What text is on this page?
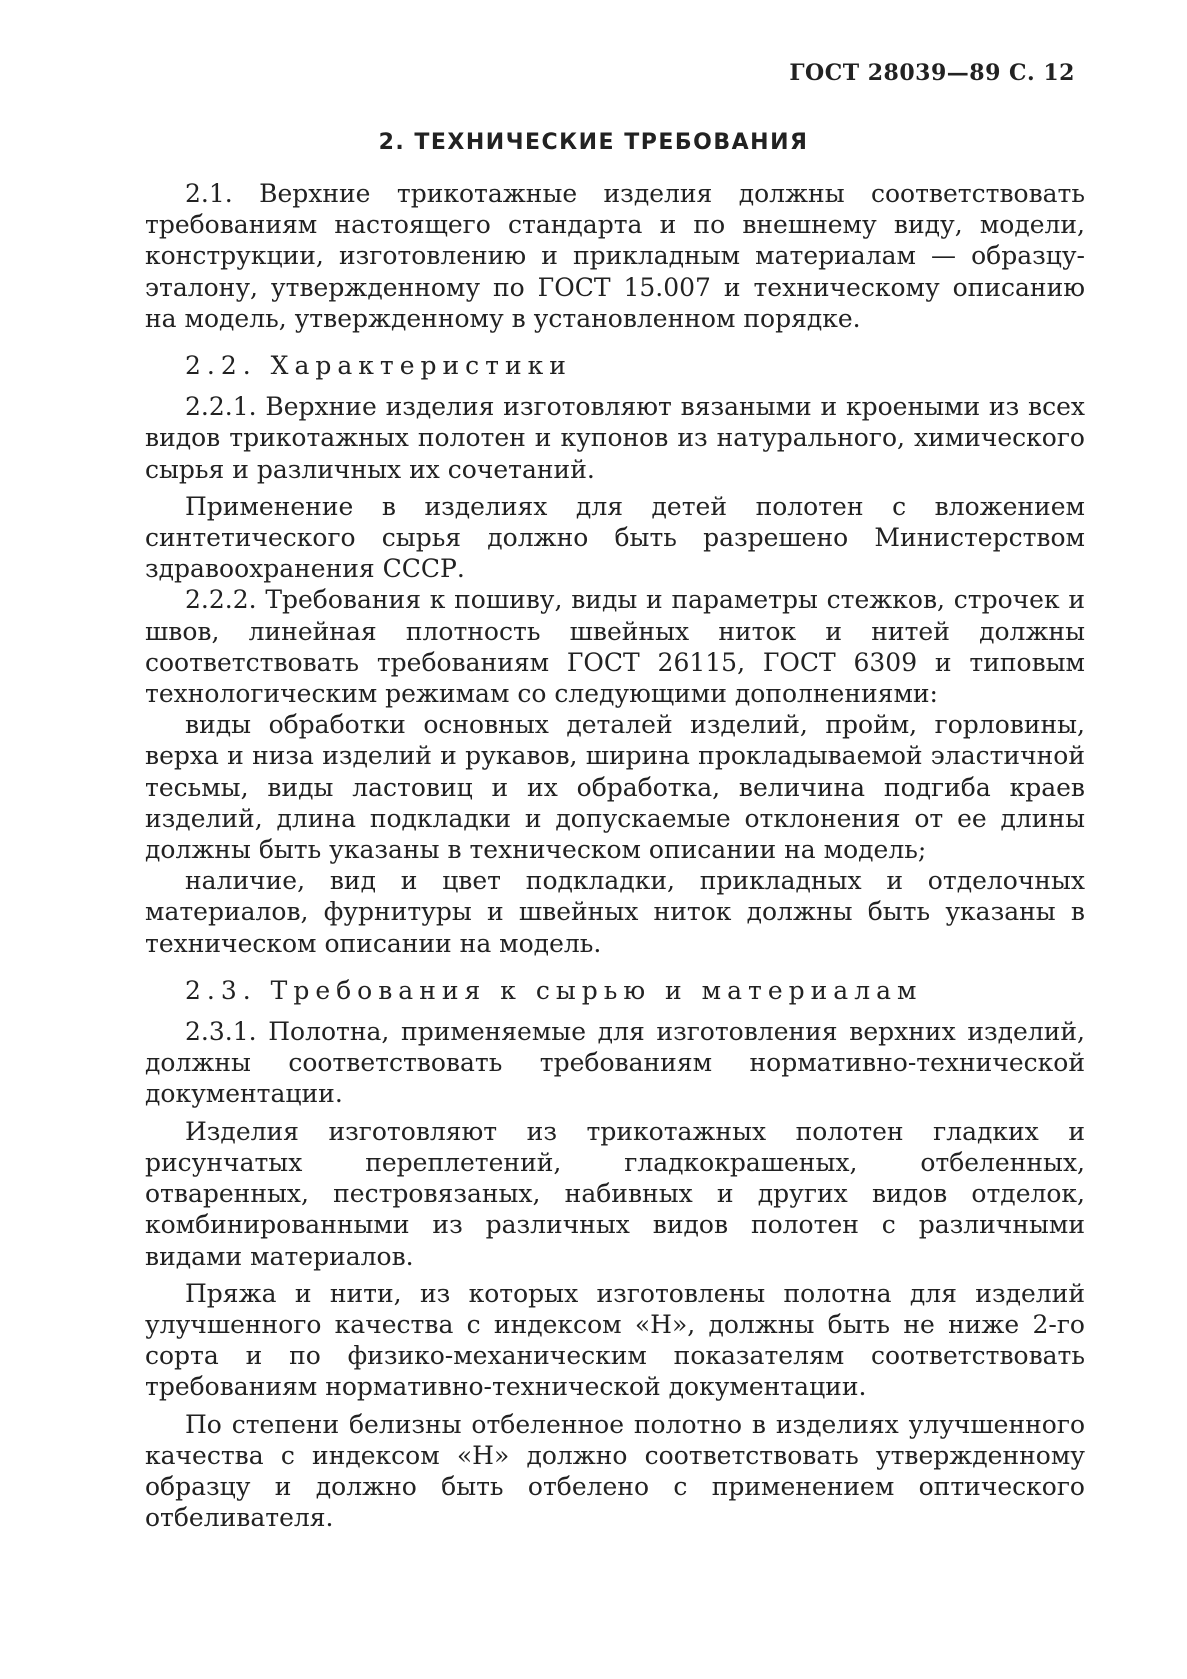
ГОСТ 28039—89 С. 12
2. ТЕХНИЧЕСКИЕ ТРЕБОВАНИЯ

2.1. Верхние трикотажные изделия должны соответствовать требованиям настоящего стандарта и по внешнему виду, модели, конструкции, изготовлению и прикладным материалам — образцу-эталону, утвержденному по ГОСТ 15.007 и техническому описанию на модель, утвержденному в установленном порядке.

2.2. Характеристики

2.2.1. Верхние изделия изготовляют вязаными и кроеными из всех видов трикотажных полотен и купонов из натурального, химического сырья и различных их сочетаний.

Применение в изделиях для детей полотен с вложением синтетического сырья должно быть разрешено Министерством здравоохранения СССР.

2.2.2. Требования к пошиву, виды и параметры стежков, строчек и швов, линейная плотность швейных ниток и нитей должны соответствовать требованиям ГОСТ 26115, ГОСТ 6309 и типовым технологическим режимам со следующими дополнениями:

виды обработки основных деталей изделий, пройм, горловины, верха и низа изделий и рукавов, ширина прокладываемой эластичной тесьмы, виды ластовиц и их обработка, величина подгиба краев изделий, длина подкладки и допускаемые отклонения от ее длины должны быть указаны в техническом описании на модель;

наличие, вид и цвет подкладки, прикладных и отделочных материалов, фурнитуры и швейных ниток должны быть указаны в техническом описании на модель.

2.3. Требования к сырью и материалам

2.3.1. Полотна, применяемые для изготовления верхних изделий, должны соответствовать требованиям нормативно-технической документации.

Изделия изготовляют из трикотажных полотен гладких и рисунчатых переплетений, гладкокрашеных, отбеленных, отваренных, пестровязаных, набивных и других видов отделок, комбинированными из различных видов полотен с различными видами материалов.

Пряжа и нити, из которых изготовлены полотна для изделий улучшенного качества с индексом «Н», должны быть не ниже 2-го сорта и по физико-механическим показателям соответствовать требованиям нормативно-технической документации.

По степени белизны отбеленное полотно в изделиях улучшенного качества с индексом «Н» должно соответствовать утвержденному образцу и должно быть отбелено с применением оптического отбеливателя.
